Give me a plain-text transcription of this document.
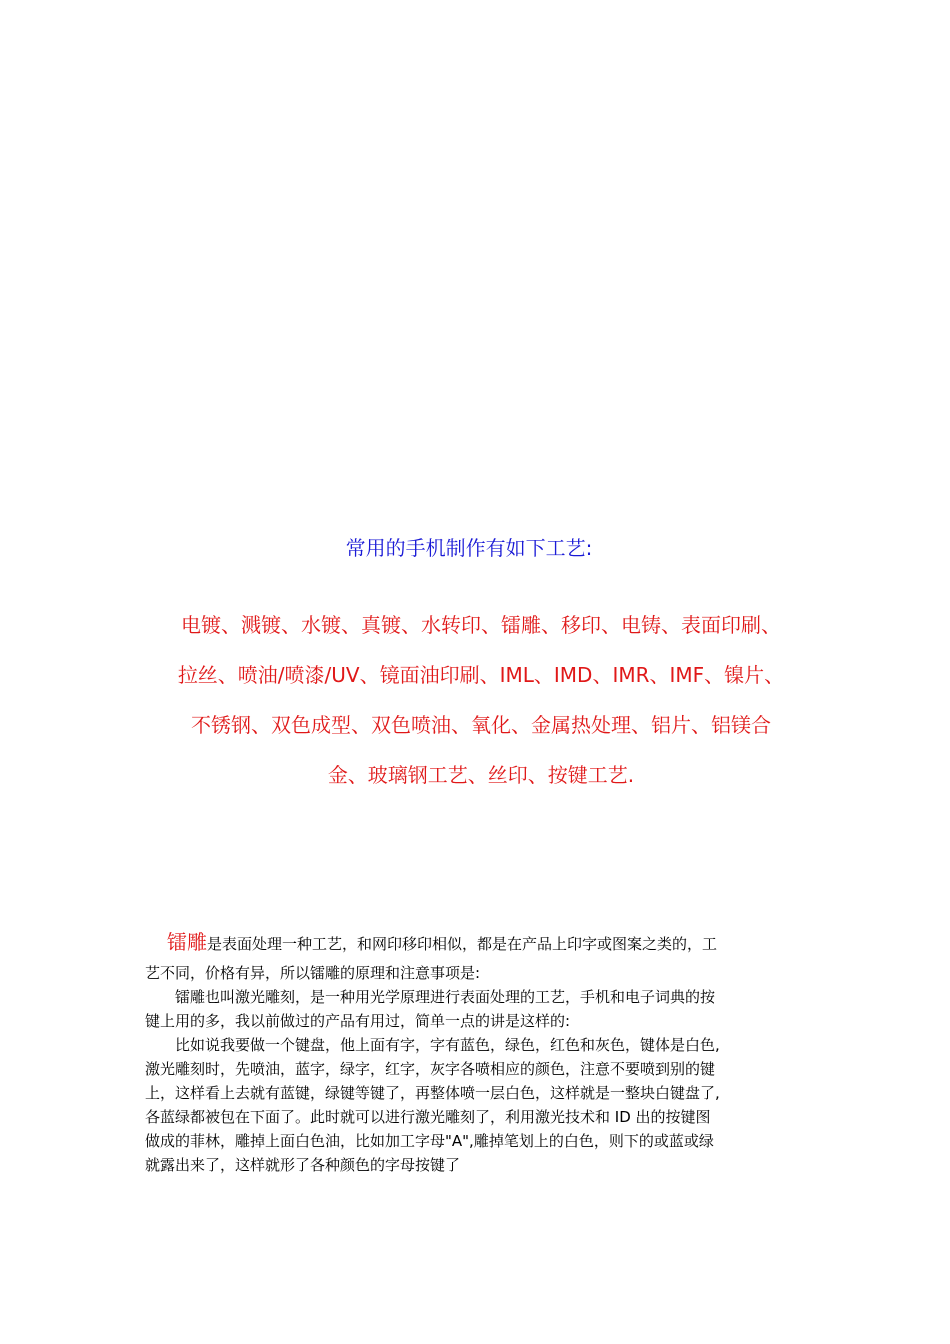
常用的手机制作有如下工艺:
电镀、溅镀、水镀、真镀、水转印、镭雕、移印、电铸、表面印刷、
拉丝、喷油/喷漆/UV、镜面油印刷、IML、IMD、IMR、IMF、镍片、
不锈钢、双色成型、双色喷油、氧化、金属热处理、铝片、铝镁合
金、玻璃钢工艺、丝印、按键工艺.
镭雕是表面处理一种工艺，和网印移印相似，都是在产品上印字或图案之类的，工
艺不同，价格有异，所以镭雕的原理和注意事项是:
镭雕也叫激光雕刻，是一种用光学原理进行表面处理的工艺，手机和电子词典的按
键上用的多，我以前做过的产品有用过，简单一点的讲是这样的:
比如说我要做一个键盘，他上面有字，字有蓝色，绿色，红色和灰色，键体是白色,
激光雕刻时，先喷油，蓝字，绿字，红字，灰字各喷相应的颜色，注意不要喷到别的键
上，这样看上去就有蓝键，绿键等键了，再整体喷一层白色，这样就是一整块白键盘了,
各蓝绿都被包在下面了。此时就可以进行激光雕刻了，利用激光技术和 ID 出的按键图
做成的菲林，雕掉上面白色油，比如加工字母"A",雕掉笔划上的白色，则下的或蓝或绿
就露出来了，这样就形了各种颜色的字母按键了
